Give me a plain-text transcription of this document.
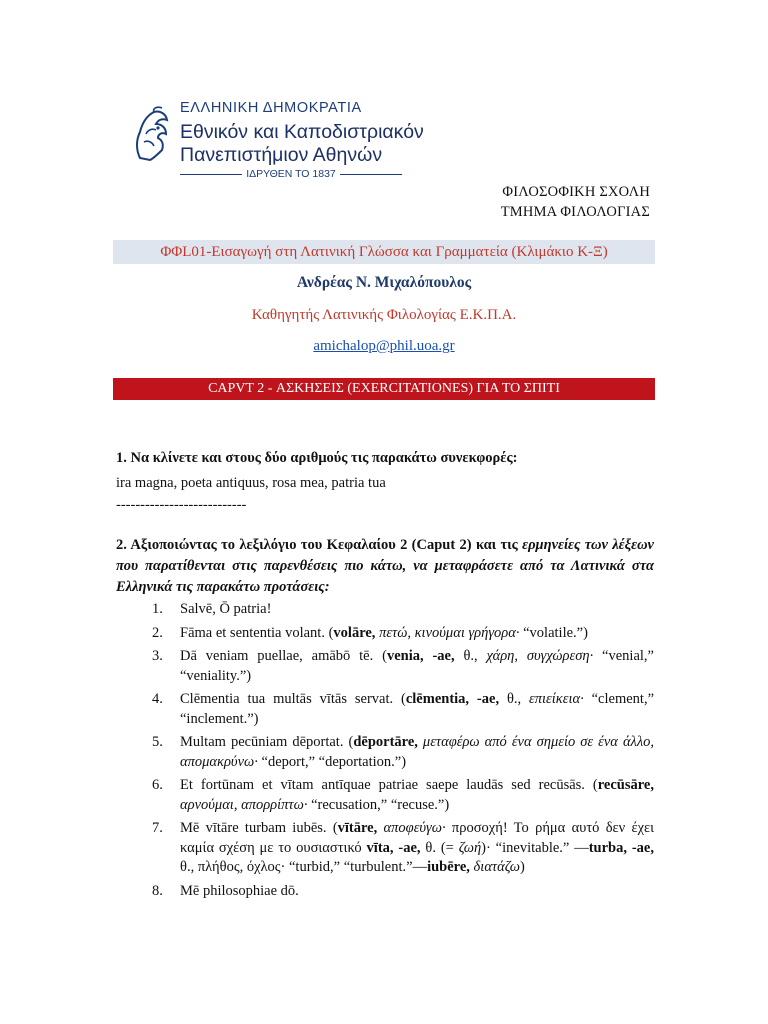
ΕΛΛΗΝΙΚΗ ΔΗΜΟΚΡΑΤΙΑ
Εθνικόν και Καποδιστριακόν
Πανεπιστήμιον Αθηνών
ΙΔΡΥΘΕΝ ΤΟ 1837
ΦΙΛΟΣΟΦΙΚΗ ΣΧΟΛΗ
ΤΜΗΜΑ ΦΙΛΟΛΟΓΙΑΣ
ΦΦL01-Εισαγωγή στη Λατινική Γλώσσα και Γραμματεία (Κλιμάκιο Κ-Ξ)
Ανδρέας Ν. Μιχαλόπουλος
Καθηγητής Λατινικής Φιλολογίας Ε.Κ.Π.Α.
amichalop@phil.uoa.gr
CAPVT 2 - ΑΣΚΗΣΕΙΣ (EXERCITATIONES) ΓΙΑ ΤΟ ΣΠΙΤΙ
1. Να κλίνετε και στους δύο αριθμούς τις παρακάτω συνεκφορές:
ira magna, poeta antiquus, rosa mea, patria tua
---------------------------
2. Αξιοποιώντας το λεξιλόγιο του Κεφαλαίου 2 (Caput 2) και τις ερμηνείες των λέξεων που παρατίθενται στις παρενθέσεις πιο κάτω, να μεταφράσετε από τα Λατινικά στα Ελληνικά τις παρακάτω προτάσεις:
1. Salvē, Ō patria!
2. Fāma et sententia volant. (volāre, πετώ, κινούμαι γρήγορα· “volatile.”)
3. Dā veniam puellae, amābō tē. (venia, -ae, θ., χάρη, συγχώρεση· “venial,” “veniality.”)
4. Clēmentia tua multās vītās servat. (clēmentia, -ae, θ., επιείκεια· “clement,” “inclement.”)
5. Multam pecūniam dēportat. (dēportāre, μεταφέρω από ένα σημείο σε ένα άλλο, απομακρύνω· “deport,” “deportation.”)
6. Et fortūnam et vītam antīquae patriae saepe laudās sed recūsās. (recūsāre, αρνούμαι, απορρίπτω· “recusation,” “recuse.”)
7. Mē vītāre turbam iubēs. (vītāre, αποφεύγω· προσοχή! Το ρήμα αυτό δεν έχει καμία σχέση με το ουσιαστικό vīta, -ae, θ. (= ζωή)· “inevitable.” —turba, -ae, θ., πλήθος, όχλος· “turbid,” “turbulent.”—iubēre, διατάζω)
8. Mē philosophiae dō.
